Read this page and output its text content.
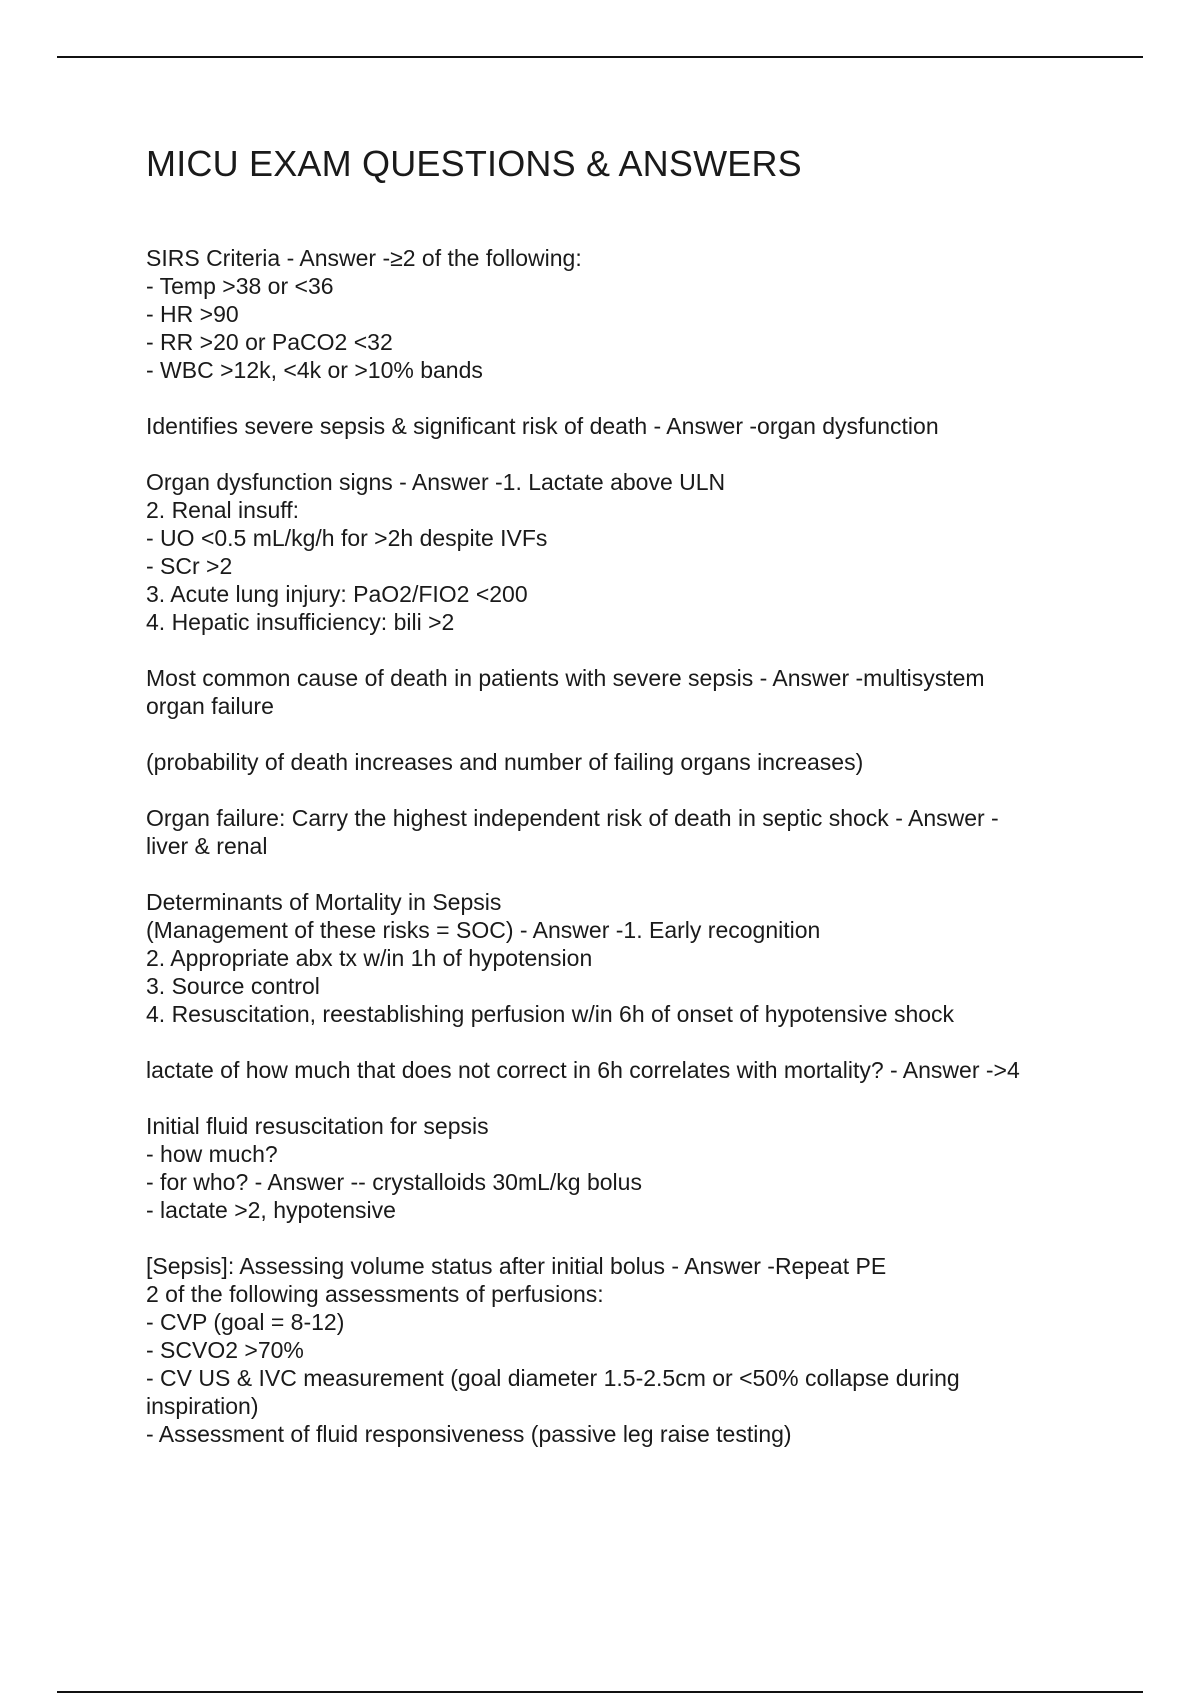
MICU EXAM QUESTIONS & ANSWERS

SIRS Criteria - Answer -≥2 of the following:
- Temp >38 or <36
- HR >90
- RR >20 or PaCO2 <32
- WBC >12k, <4k or >10% bands

Identifies severe sepsis & significant risk of death - Answer -organ dysfunction

Organ dysfunction signs - Answer -1. Lactate above ULN
2. Renal insuff:
- UO <0.5 mL/kg/h for >2h despite IVFs
- SCr >2
3. Acute lung injury: PaO2/FIO2 <200
4. Hepatic insufficiency: bili >2

Most common cause of death in patients with severe sepsis - Answer -multisystem
organ failure

(probability of death increases and number of failing organs increases)

Organ failure: Carry the highest independent risk of death in septic shock - Answer -
liver & renal

Determinants of Mortality in Sepsis
(Management of these risks = SOC) - Answer -1. Early recognition
2. Appropriate abx tx w/in 1h of hypotension
3. Source control
4. Resuscitation, reestablishing perfusion w/in 6h of onset of hypotensive shock

lactate of how much that does not correct in 6h correlates with mortality? - Answer ->4

Initial fluid resuscitation for sepsis
- how much?
- for who? - Answer -- crystalloids 30mL/kg bolus
- lactate >2, hypotensive

[Sepsis]: Assessing volume status after initial bolus - Answer -Repeat PE
2 of the following assessments of perfusions:
- CVP (goal = 8-12)
- SCVO2 >70%
- CV US & IVC measurement (goal diameter 1.5-2.5cm or <50% collapse during
inspiration)
- Assessment of fluid responsiveness (passive leg raise testing)
